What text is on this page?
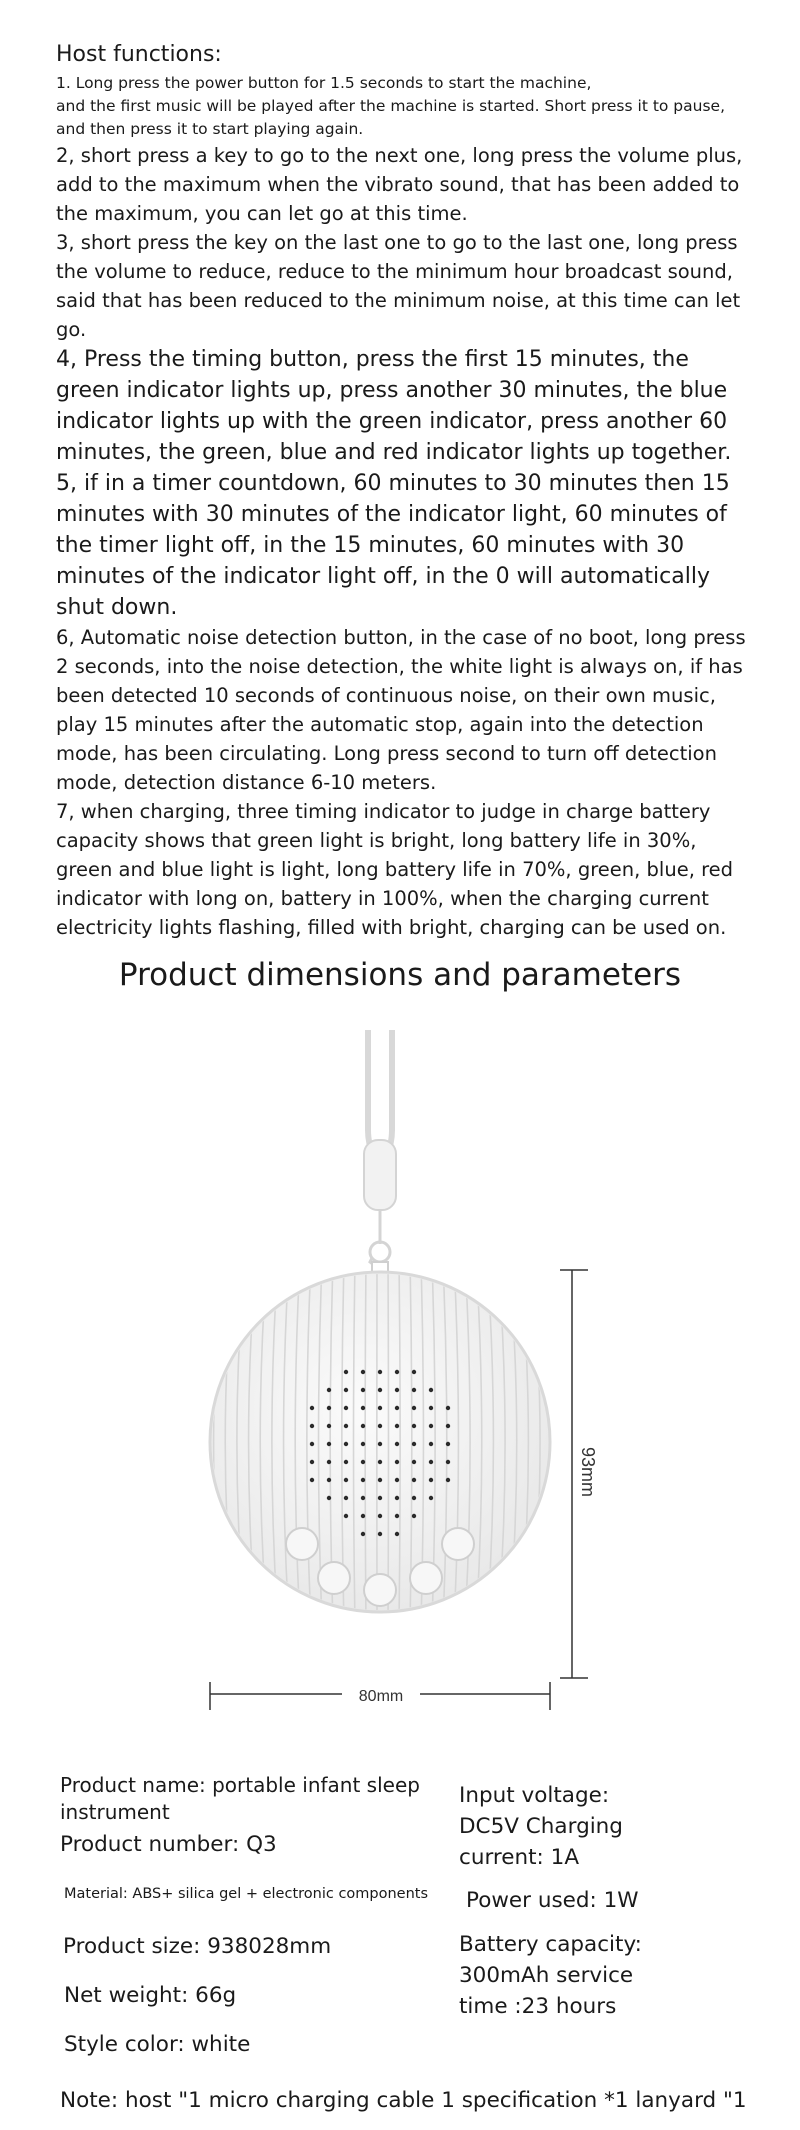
Host functions:

1. Long press the power button for 1.5 seconds to start the machine,
and the first music will be played after the machine is started. Short press it to pause, and then press it to start playing again.

2, short press a key to go to the next one, long press the volume plus, add to the maximum when the vibrato sound, that has been added to the maximum, you can let go at this time.

3, short press the key on the last one to go to the last one, long press the volume to reduce, reduce to the minimum hour broadcast sound, said that has been reduced to the minimum noise, at this time can let go.

4, Press the timing button, press the first 15 minutes, the green indicator lights up, press another 30 minutes, the blue indicator lights up with the green indicator, press another 60 minutes, the green, blue and red indicator lights up together.

5, if in a timer countdown, 60 minutes to 30 minutes then 15 minutes with 30 minutes of the indicator light, 60 minutes of the timer light off, in the 15 minutes, 60 minutes with 30 minutes of the indicator light off, in the 0 will automatically shut down.

6, Automatic noise detection button, in the case of no boot, long press 2 seconds, into the noise detection, the white light is always on, if has been detected 10 seconds of continuous noise, on their own music, play 15 minutes after the automatic stop, again into the detection mode, has been circulating. Long press second to turn off detection mode, detection distance 6-10 meters.

7, when charging, three timing indicator to judge in charge battery capacity shows that green light is bright, long battery life in 30%, green and blue light is light, long battery life in 70%, green, blue, red indicator with long on, battery in 100%, when the charging current electricity lights flashing, filled with bright, charging can be used on.

Product dimensions and parameters
93mm
80mm

Product name: portable infant sleep instrument

Product number: Q3

Material: ABS+ silica gel + electronic components

Product size: 938028mm

Net weight: 66g

Style color: white

Input voltage: DC5V Charging current: 1A

Power used: 1W

Battery capacity: 300mAh service time :23 hours

Note: host "1 micro charging cable 1 specification *1 lanyard "1
